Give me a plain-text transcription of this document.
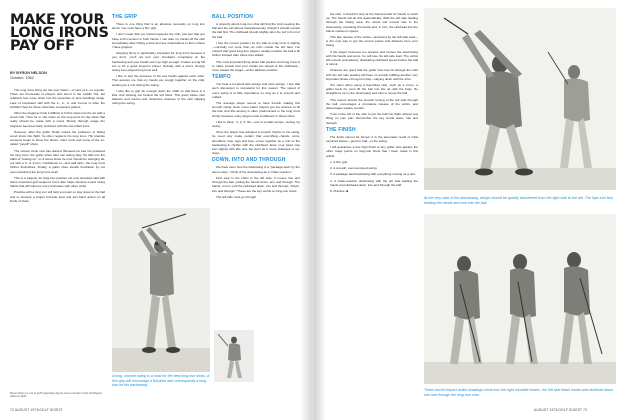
MAKE YOUR LONG IRONS PAY OFF
BY BYRON NELSON
October, 1962

The long irons bring out the real "class"—or lack of it—in a golfer. There are thousands of players who shoot in the middle 70s, but relatively few move down into the seventies or plus handicap range. Lack of consistent skill with the 1-, 2-, 3- and 4-irons is often the Achilles Heel for these otherwise competent golfers.

Often the beginner finds it difficult to hit his shots into the air with a wood club. Thus he or she relies on the long irons for the shots that really should be made with a wood. Merely through usage the beginner becomes fairly proficient with the low-lofted irons.

However, after the golfer finally solves the problems of hitting wood shots into flight, he often neglects his long irons. His practice sessions begin to show the drives, short irons and some of the so-called "payoff" shots.

The vicious circle now has started. Because he has not practiced his long irons, the golfer shies their use during play. He falls into the habit of "easing up" on 4-wood shots he now should be swinging all-out with a 3- or 3-iron. Confidence in—and skill with—the long irons further diminishes. Finally, a golfer often avoids frustration by not even practicing the long irons at all.

This is a tragedy, for long-iron practice not only develops skill with these important golf weapons but it also helps develop sound swing habits that will improve one's technique with other clubs.

Practice with a long iron will help you learn to stay down to the ball and to develop a proper left-side lead and arm-hand action on all kinds of shots.

Byron Nelson is one of golf's legendary figures and a member of the Golf Digest Advisory Staff.
THE GRIP

There is one thing that is an absolute necessity on long iron shots: You must have a firm grip.

I don't mean that you should squeeze the club, just feel that you have a firm tension in both hands. I can take my hands off the club immediately after hitting a shot and see indentations in them where I have gripped.

Gripping firmly is particularly important for long irons because if you don't, you'll not turn your shoulders completely on the backswing and your hands won't go high enough. It takes a long full arc to hit a good long-iron player. Nobody with a short, choppy swing ever played long irons well.

I like to feel the pressure of the two hands against each other. This assures me that my hands are snugly together on the club, working as a unit during the swing.

I also like to grip far enough down the shaft so that there is a little club sticking out behind the left hand. This gives better club balance and control and minimizes chances of the club slipping during the swing.

BALL POSITION

A properly struck long-iron shot will find the club meeting the ball and the turf almost instantaneously, though it should contact the ball first. The clubhead should slightly skim the turf in front of the ball.

I feel the correct position for the ball on long irons is slightly—normally not more than an inch—inside the left heel. I've noticed that good long-iron players usually position the ball a bit further forward than those less skilled.

The most important thing about ball position and long irons is to make certain that your hands are ahead of the clubhead—more toward the target—at the address position.

TEMPO

You hear a lot about fast swings and slow swings. I feel that such discussion is immaterial for this reason: The speed of one's swing is of little importance so long as it is smooth and unified.

The average player seems to have trouble making this smooth swing. Even some better players get too anxious to hit the ball. And this anxiety is often predominant in the long irons simply because many players lack confidence in these clubs.

I like to think, "1, 2, 3, hit"—sort of a waltz tempo—during my swing.

Once the player has adopted a smooth rhythm to his swing, he need only make certain that everything—hands, arms, shoulders, hips, legs and feet—move together as a unit on the backswing in rhythm with the clubhead. Even your head may turn slightly with this unit, but don't let it move sideways or up-down.

DOWN, INTO AND THROUGH

We have seen how the backswing is a "package deal" by the same token, I think of the downswing as a "chain reaction."

First step in the chain is the left side. It moves into and through the ball, pulling the hands down, arm and through. The hands, in turn, pull the clubhead down, into and through. "Down, into and through." These are the key words on long-iron shots.

The left side must go through

A long, smooth swing is a must for the best long-iron shots. A firm grip will encourage a full pivot and consequently a long turn on the backswing.
72 AUGUST 1973/GOLF DIGEST

the shot. It shouldn't stop at the ball and wait for hands to catch up. The hands will do this automatically. With the left side leading through the hitting area, the wrists will uncock late in the downswing, exploding the hands and, in turn, the clubhead into the ball at maximum speed.

This late release of the wrists—produced by the left-side lead—is the only way to get the utmost power and distance from your swing.

If the player becomes too anxious and rushes the downswing with his hands and arms, he will lose his left-side lead. The wrists will uncock prematurely, dissipating clubhead speed before the ball is struck.

Chances are good that the golfer who has hit through the shot with the left side leading will have no trouble fulfilling another very important phase of long-iron play—staying down with the shot.

Too often when using a few-lofted club, such as a 2-iron, a golfer feels he must lift the ball into the air with his body. He straightens up on the downswing and tries to scoop the ball.

This merely arrests the smooth turning of the left side through the ball, encourages a premature release of the wrists, and discourages square contact.

Trust in the loft of the club to put the ball into flight without any lifting on your part. Remember the key words down, into and through.

THE FINISH

The finish cannot be forced. It is the automatic result of what occurred before—good or bad—in the swing.

I will guarantee a fine high finish to any golfer who applies the other major points on long-iron shots that I have made in this article:

1. A firm grip.

2. A smooth, even-tempoed swing.

3. A package-deal backswing with everything moving as a unit.

4. A chain-reaction downswing with the left side leading the hands and clubhead down, into and through the ball.

5. Practice. ■

At the very start of the downswing, weight should be quickly transferred from the right side to the left. The hips turn first, leading the hands and club into the ball.
Three correct impact action drawings show how the right shoulder lowers, the left side leads hands and clubhead down, into and through the long-iron shot.
AUGUST 1973/GOLF DIGEST 73
